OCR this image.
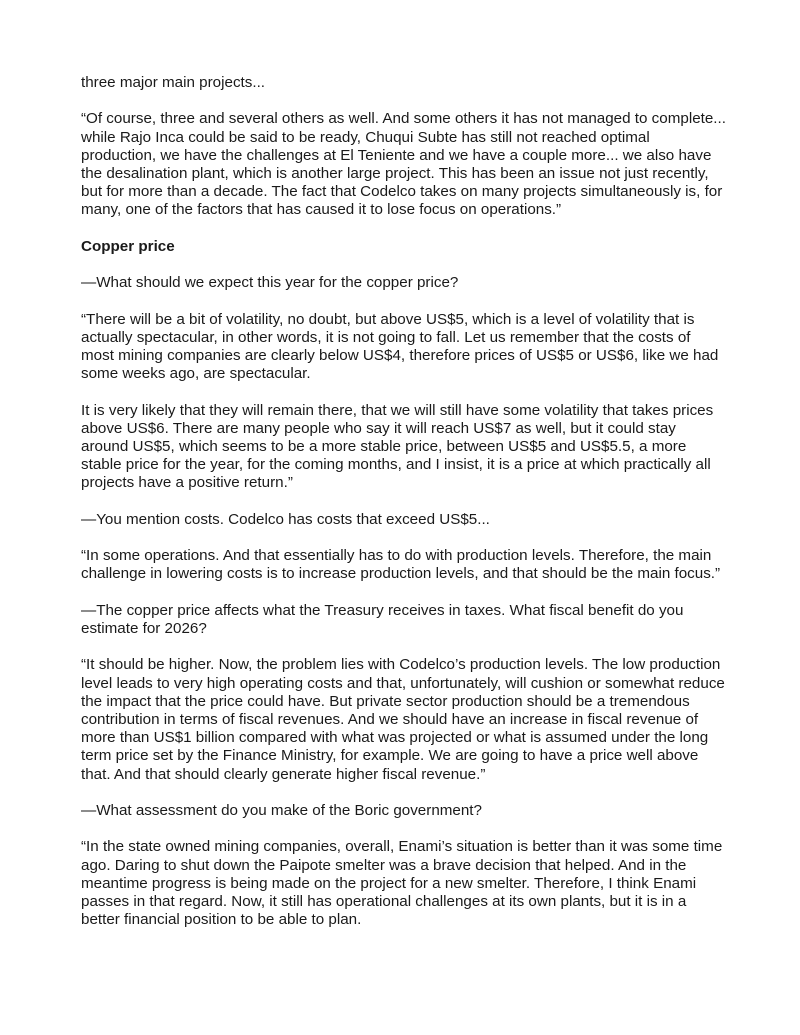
three major main projects...

“Of course, three and several others as well. And some others it has not managed to complete... while Rajo Inca could be said to be ready, Chuqui Subte has still not reached optimal production, we have the challenges at El Teniente and we have a couple more... we also have the desalination plant, which is another large project. This has been an issue not just recently, but for more than a decade. The fact that Codelco takes on many projects simultaneously is, for many, one of the factors that has caused it to lose focus on operations.”

Copper price

—What should we expect this year for the copper price?

“There will be a bit of volatility, no doubt, but above US$5, which is a level of volatility that is actually spectacular, in other words, it is not going to fall. Let us remember that the costs of most mining companies are clearly below US$4, therefore prices of US$5 or US$6, like we had some weeks ago, are spectacular.

It is very likely that they will remain there, that we will still have some volatility that takes prices above US$6. There are many people who say it will reach US$7 as well, but it could stay around US$5, which seems to be a more stable price, between US$5 and US$5.5, a more stable price for the year, for the coming months, and I insist, it is a price at which practically all projects have a positive return.”

—You mention costs. Codelco has costs that exceed US$5...

“In some operations. And that essentially has to do with production levels. Therefore, the main challenge in lowering costs is to increase production levels, and that should be the main focus.”

—The copper price affects what the Treasury receives in taxes. What fiscal benefit do you estimate for 2026?

“It should be higher. Now, the problem lies with Codelco’s production levels. The low production level leads to very high operating costs and that, unfortunately, will cushion or somewhat reduce the impact that the price could have. But private sector production should be a tremendous contribution in terms of fiscal revenues. And we should have an increase in fiscal revenue of more than US$1 billion compared with what was projected or what is assumed under the long term price set by the Finance Ministry, for example. We are going to have a price well above that. And that should clearly generate higher fiscal revenue.”

—What assessment do you make of the Boric government?

“In the state owned mining companies, overall, Enami’s situation is better than it was some time ago. Daring to shut down the Paipote smelter was a brave decision that helped. And in the meantime progress is being made on the project for a new smelter. Therefore, I think Enami passes in that regard. Now, it still has operational challenges at its own plants, but it is in a better financial position to be able to plan.
